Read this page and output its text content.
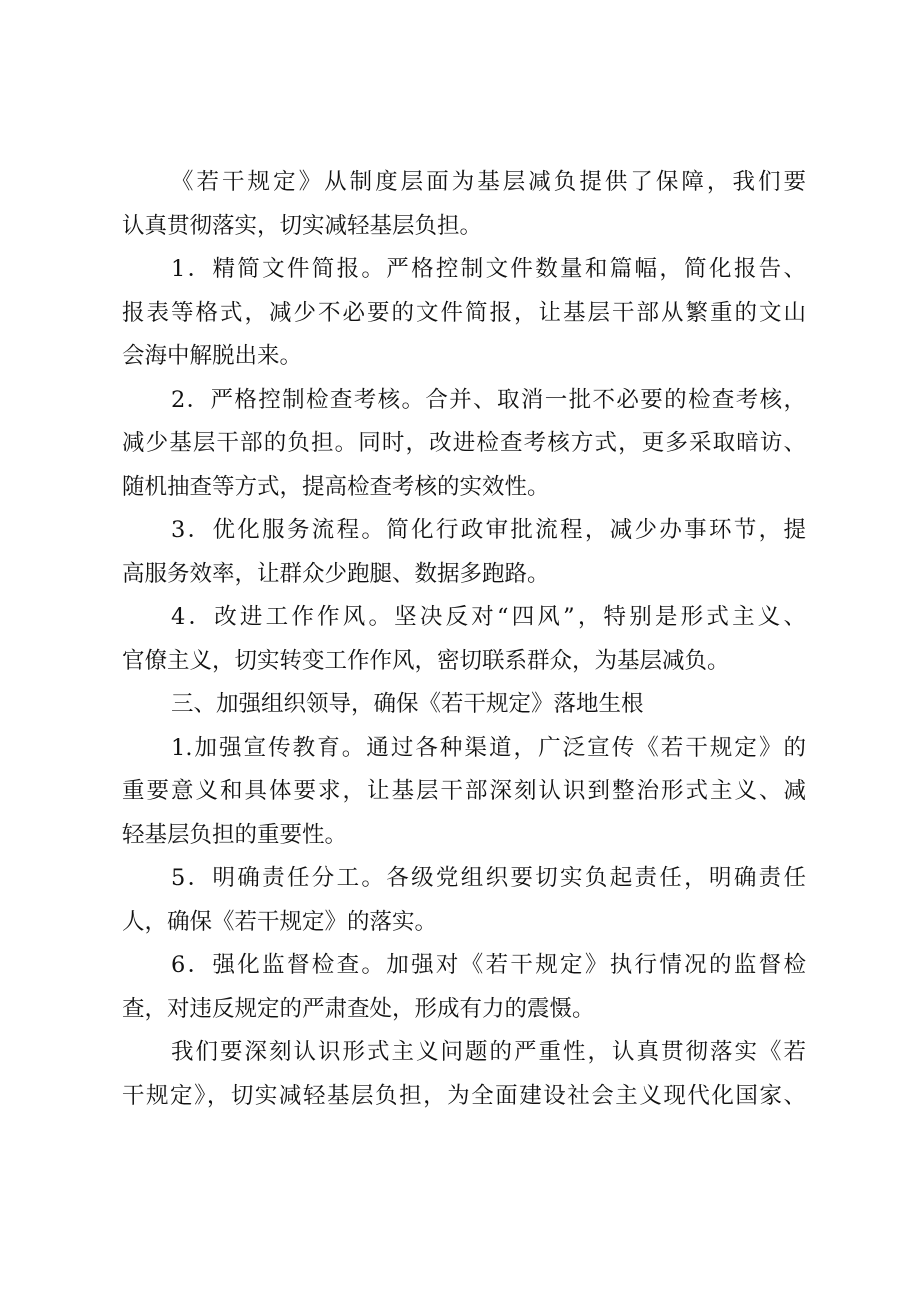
《若干规定》从制度层面为基层减负提供了保障，我们要
认真贯彻落实，切实减轻基层负担。
1．精简文件简报。严格控制文件数量和篇幅，简化报告、
报表等格式，减少不必要的文件简报，让基层干部从繁重的文山
会海中解脱出来。
2．严格控制检查考核。合并、取消一批不必要的检查考核，
减少基层干部的负担。同时，改进检查考核方式，更多采取暗访、
随机抽查等方式，提高检查考核的实效性。
3．优化服务流程。简化行政审批流程，减少办事环节，提
高服务效率，让群众少跑腿、数据多跑路。
4．改进工作作风。坚决反对“四风”，特别是形式主义、
官僚主义，切实转变工作作风，密切联系群众，为基层减负。
三、加强组织领导，确保《若干规定》落地生根
1.加强宣传教育。通过各种渠道，广泛宣传《若干规定》的
重要意义和具体要求，让基层干部深刻认识到整治形式主义、减
轻基层负担的重要性。
5．明确责任分工。各级党组织要切实负起责任，明确责任
人，确保《若干规定》的落实。
6．强化监督检查。加强对《若干规定》执行情况的监督检
查，对违反规定的严肃查处，形成有力的震慑。
我们要深刻认识形式主义问题的严重性，认真贯彻落实《若
干规定》，切实减轻基层负担，为全面建设社会主义现代化国家、
